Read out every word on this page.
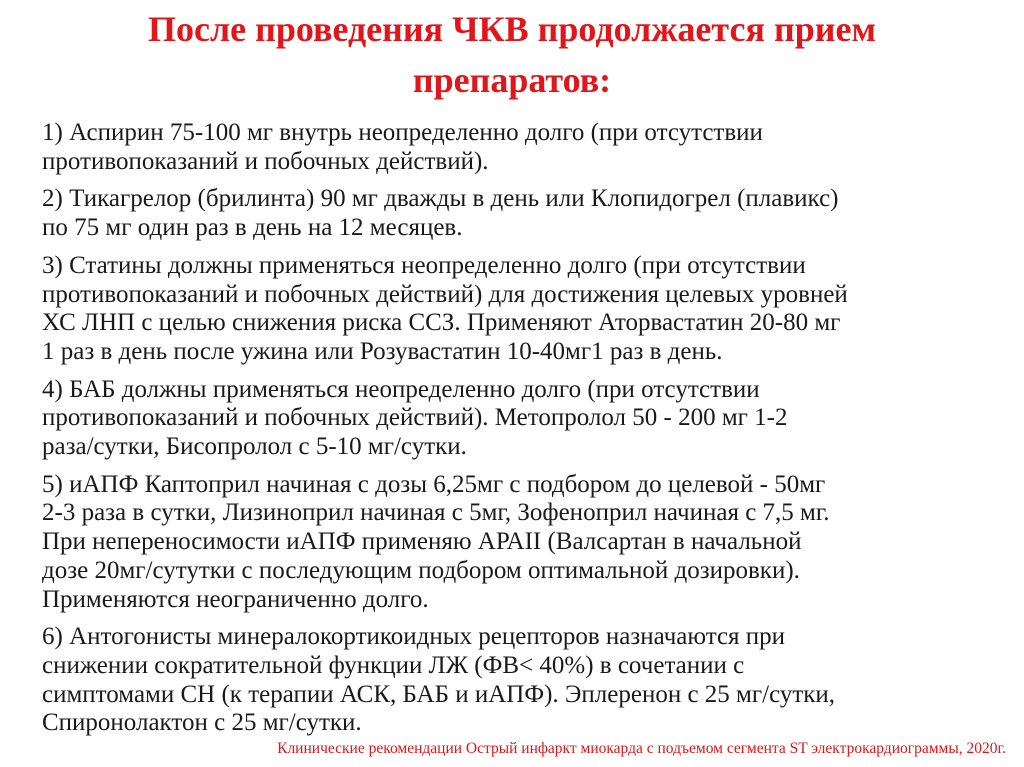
После проведения ЧКВ продолжается прием
препаратов:
1) Аспирин 75-100 мг внутрь неопределенно долго (при отсутствии
противопоказаний и побочных действий).
2) Тикагрелор (брилинта) 90 мг дважды в день или Клопидогрел (плавикс)
по 75 мг один раз в день на 12 месяцев.
3) Статины должны применяться неопределенно долго (при отсутствии
противопоказаний и побочных действий) для достижения целевых уровней
ХС ЛНП с целью снижения риска ССЗ. Применяют Аторвастатин 20-80 мг
1 раз в день после ужина или Розувастатин 10-40мг1 раз в день.
4) БАБ должны применяться неопределенно долго (при отсутствии
противопоказаний и побочных действий). Метопролол 50 - 200 мг 1-2
раза/сутки, Бисопролол с 5-10 мг/сутки.
5) иАПФ Каптоприл начиная с дозы 6,25мг с подбором до целевой - 50мг
2-3 раза в сутки, Лизиноприл начиная с 5мг, Зофеноприл начиная с 7,5 мг.
При непереносимости иАПФ применяю АРАII (Валсартан в начальной
дозе 20мг/сутутки с последующим подбором оптимальной дозировки).
Применяются неограниченно долго.
6) Антогонисты минералокортикоидных рецепторов назначаются при
снижении сократительной функции ЛЖ (ФВ< 40%) в сочетании с
симптомами СН (к терапии АСК, БАБ и иАПФ). Эплеренон с 25 мг/сутки,
Спиронолактон с 25 мг/сутки.

Клинические рекомендации Острый инфаркт миокарда с подъемом сегмента ST электрокардиограммы, 2020г.
